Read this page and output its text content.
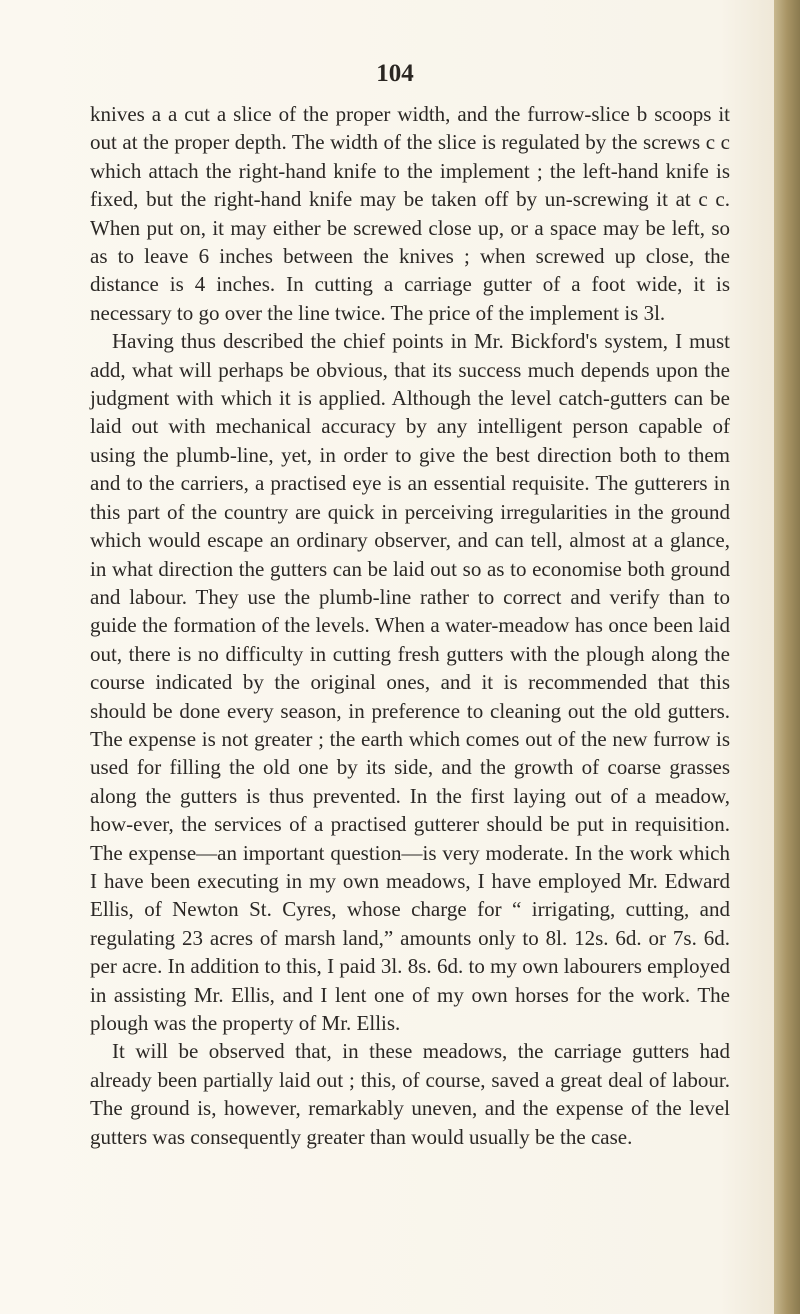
104

knives a a cut a slice of the proper width, and the furrow-slice b scoops it out at the proper depth. The width of the slice is regulated by the screws c c which attach the right-hand knife to the implement ; the left-hand knife is fixed, but the right-hand knife may be taken off by un-screwing it at c c. When put on, it may either be screwed close up, or a space may be left, so as to leave 6 inches between the knives ; when screwed up close, the distance is 4 inches. In cutting a carriage gutter of a foot wide, it is necessary to go over the line twice. The price of the implement is 3l.

Having thus described the chief points in Mr. Bickford's system, I must add, what will perhaps be obvious, that its success much depends upon the judgment with which it is applied. Although the level catch-gutters can be laid out with mechanical accuracy by any intelligent person capable of using the plumb-line, yet, in order to give the best direction both to them and to the carriers, a practised eye is an essential requisite. The gutterers in this part of the country are quick in perceiving irregularities in the ground which would escape an ordinary observer, and can tell, almost at a glance, in what direction the gutters can be laid out so as to economise both ground and labour. They use the plumb-line rather to correct and verify than to guide the formation of the levels. When a water-meadow has once been laid out, there is no difficulty in cutting fresh gutters with the plough along the course indicated by the original ones, and it is recommended that this should be done every season, in preference to cleaning out the old gutters. The expense is not greater ; the earth which comes out of the new furrow is used for filling the old one by its side, and the growth of coarse grasses along the gutters is thus prevented. In the first laying out of a meadow, how-ever, the services of a practised gutterer should be put in requisition. The expense—an important question—is very moderate. In the work which I have been executing in my own meadows, I have employed Mr. Edward Ellis, of Newton St. Cyres, whose charge for “ irrigating, cutting, and regulating 23 acres of marsh land,” amounts only to 8l. 12s. 6d. or 7s. 6d. per acre. In addition to this, I paid 3l. 8s. 6d. to my own labourers employed in assisting Mr. Ellis, and I lent one of my own horses for the work. The plough was the property of Mr. Ellis.

It will be observed that, in these meadows, the carriage gutters had already been partially laid out ; this, of course, saved a great deal of labour. The ground is, however, remarkably uneven, and the expense of the level gutters was consequently greater than would usually be the case.
